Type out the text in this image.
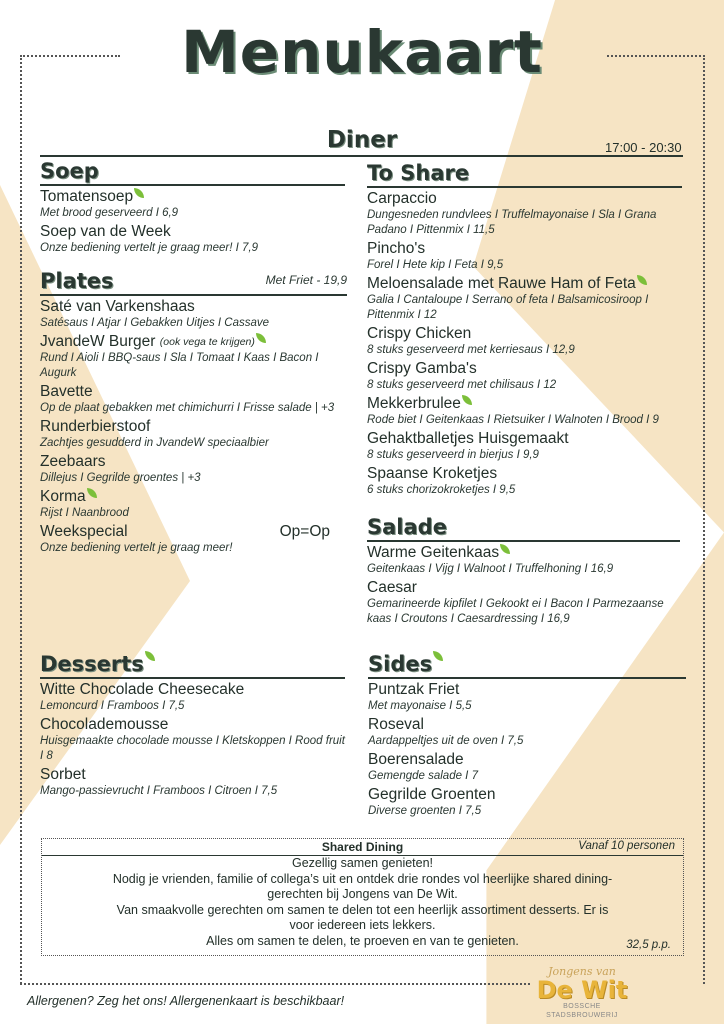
Menukaart
Diner	17:00 - 20:30
Soep
Tomatensoep
Met brood geserveerd I 6,9
Soep van de Week
Onze bediening vertelt je graag meer! I 7,9
Plates	Met Friet - 19,9
Saté van Varkenshaas
Satésaus I Atjar I Gebakken Uitjes I Cassave
JvandeW Burger $^{(ook vega te krijgen)}$
Rund I Aioli I BBQ-saus I Sla I Tomaat I Kaas I Bacon I Augurk
Bavette
Op de plaat gebakken met chimichurri I Frisse salade | +3
Runderbierstoof
Zachtjes gesudderd in JvandeW speciaalbier
Zeebaars
Dillejus I Gegrilde groentes | +3
Korma
Rijst I Naanbrood
Weekspecial	Op=Op
Onze bediening vertelt je graag meer!
To Share
Carpaccio
Dungesneden rundvlees I Truffelmayonaise I Sla I Grana Padano I Pittenmix I 11,5
Pincho's
Forel I Hete kip I Feta I 9,5
Meloensalade met Rauwe Ham of Feta
Galia I Cantaloupe I Serrano of feta I Balsamicosiroop I Pittenmix I 12
Crispy Chicken
8 stuks geserveerd met kerriesaus I 12,9
Crispy Gamba's
8 stuks geserveerd met chilisaus I 12
Mekkerbrulee
Rode biet I Geitenkaas I Rietsuiker I Walnoten I Brood I 9
Gehaktballetjes Huisgemaakt
8 stuks geserveerd in bierjus I 9,9
Spaanse Kroketjes
6 stuks chorizokroketjes I 9,5
Salade
Warme Geitenkaas
Geitenkaas I Vijg I Walnoot I Truffelhoning I 16,9
Caesar
Gemarineerde kipfilet I Gekookt ei I Bacon I Parmezaanse kaas I Croutons I Caesardressing I 16,9
Desserts
Witte Chocolade Cheesecake
Lemoncurd I Framboos I 7,5
Chocolademousse
Huisgemaakte chocolade mousse I Kletskoppen I Rood fruit I 8
Sorbet
Mango-passievrucht I Framboos I Citroen I 7,5
Sides
Puntzak Friet
Met mayonaise I 5,5
Roseval
Aardappeltjes uit de oven I 7,5
Boerensalade
Gemengde salade I 7
Gegrilde Groenten
Diverse groenten I 7,5
Shared Dining	Vanaf 10 personen
Gezellig samen genieten!
Nodig je vrienden, familie of collega’s uit en ontdek drie rondes vol heerlijke shared dining-
gerechten bij Jongens van De Wit.
Van smaakvolle gerechten om samen te delen tot een heerlijk assortiment desserts. Er is
voor iedereen iets lekkers.
Alles om samen te delen, te proeven en van te genieten.	32,5 p.p.
Allergenen? Zeg het ons! Allergenenkaart is beschikbaar!
Jongens van
De Wit
BOSSCHE STADSBROUWERIJ
